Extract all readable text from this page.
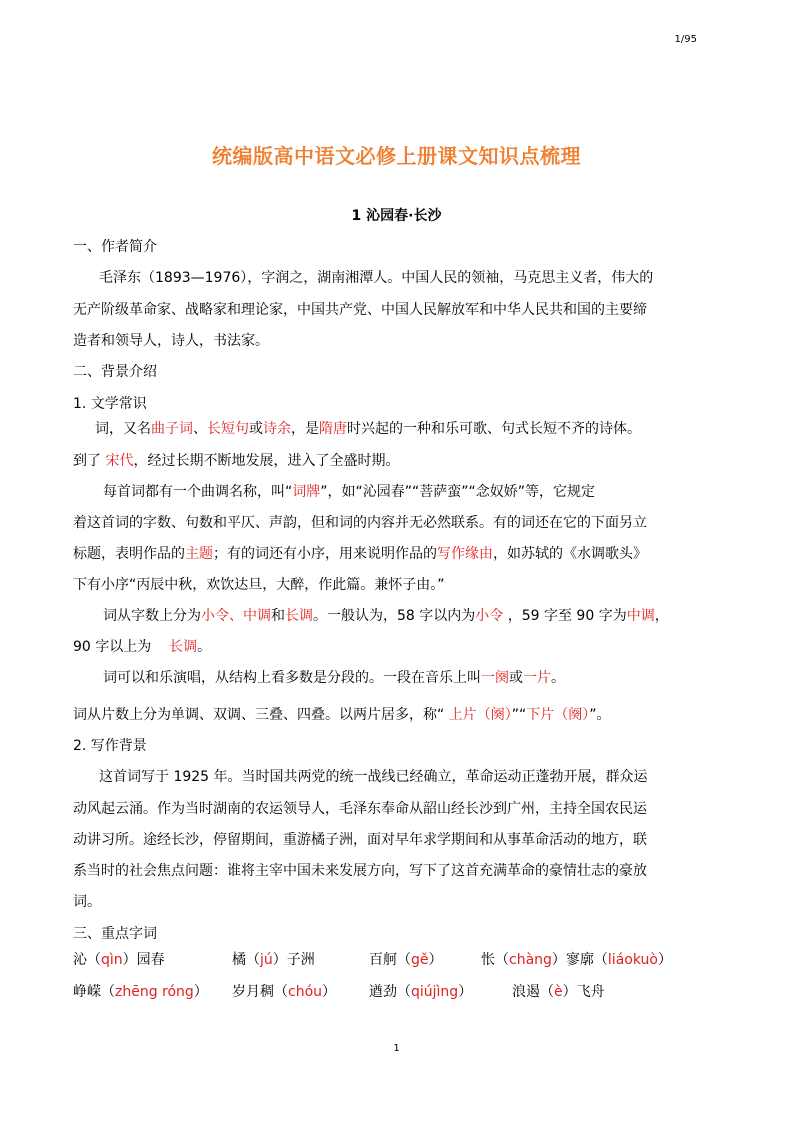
1/95
统编版高中语文必修上册课文知识点梳理
1 沁园春·长沙
一、作者简介
毛泽东（1893—1976），字润之，湖南湘潭人。中国人民的领袖，马克思主义者，伟大的
无产阶级革命家、战略家和理论家，中国共产党、中国人民解放军和中华人民共和国的主要缔
造者和领导人，诗人，书法家。
二、背景介绍
1. 文学常识
词，又名曲子词、长短句或诗余，是隋唐时兴起的一种和乐可歌、句式长短不齐的诗体。
到了 宋代，经过长期不断地发展，进入了全盛时期。
每首词都有一个曲调名称，叫“词牌”，如“沁园春”“菩萨蛮”“念奴娇”等，它规定
着这首词的字数、句数和平仄、声韵，但和词的内容并无必然联系。有的词还在它的下面另立
标题，表明作品的主题；有的词还有小序，用来说明作品的写作缘由，如苏轼的《水调歌头》
下有小序“丙辰中秋，欢饮达旦，大醉，作此篇。兼怀子由。”
词从字数上分为小令、中调和长调。一般认为，58 字以内为小令 ，59 字至 90 字为中调，
90 字以上为    长调。
词可以和乐演唱，从结构上看多数是分段的。一段在音乐上叫一阕或一片。
词从片数上分为单调、双调、三叠、四叠。以两片居多，称“ 上片（阕）”“下片（阕）”。
2. 写作背景
这首词写于 1925 年。当时国共两党的统一战线已经确立，革命运动正蓬勃开展，群众运
动风起云涌。作为当时湖南的农运领导人，毛泽东奉命从韶山经长沙到广州，主持全国农民运
动讲习所。途经长沙，停留期间，重游橘子洲，面对早年求学期间和从事革命活动的地方，联
系当时的社会焦点问题：谁将主宰中国未来发展方向，写下了这首充满革命的豪情壮志的豪放
词。
三、重点字词
沁（qìn）园春	橘（jú）子洲	百舸（gě）	怅（chàng）寥廓（liáokuò）
峥嵘（zhēng róng） 岁月稠（chóu） 遒劲（qiújìng）	浪遏（è）飞舟
1
